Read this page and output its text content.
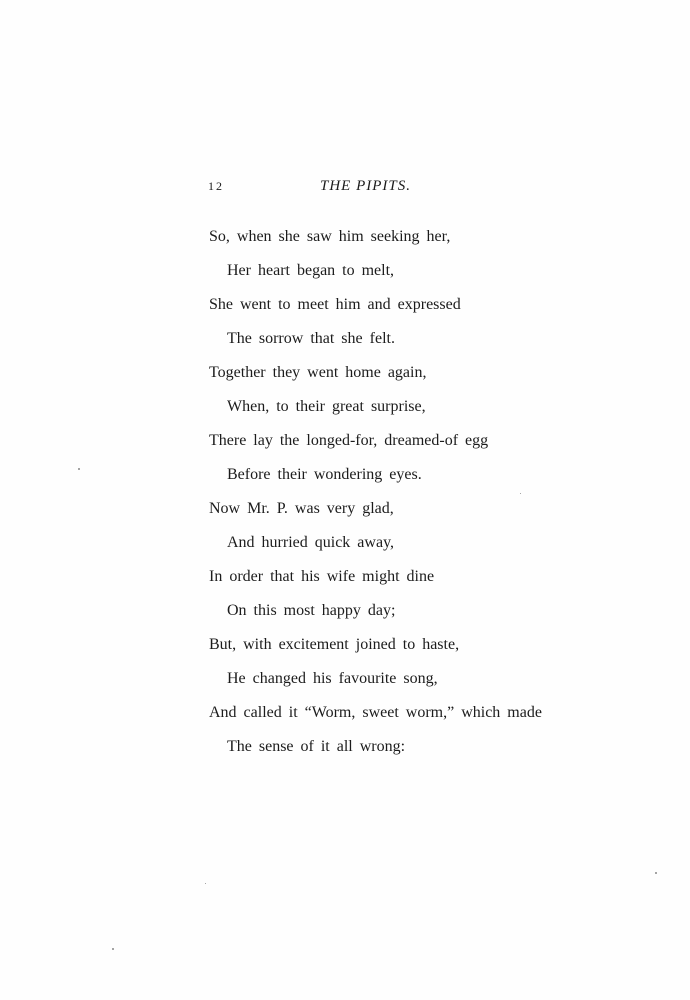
12	THE PIPITS.
So, when she saw him seeking her,
Her heart began to melt,
She went to meet him and expressed
The sorrow that she felt.
Together they went home again,
When, to their great surprise,
There lay the longed-for, dreamed-of egg
Before their wondering eyes.
Now Mr. P. was very glad,
And hurried quick away,
In order that his wife might dine
On this most happy day;
But, with excitement joined to haste,
He changed his favourite song,
And called it “Worm, sweet worm,” which made
The sense of it all wrong:
